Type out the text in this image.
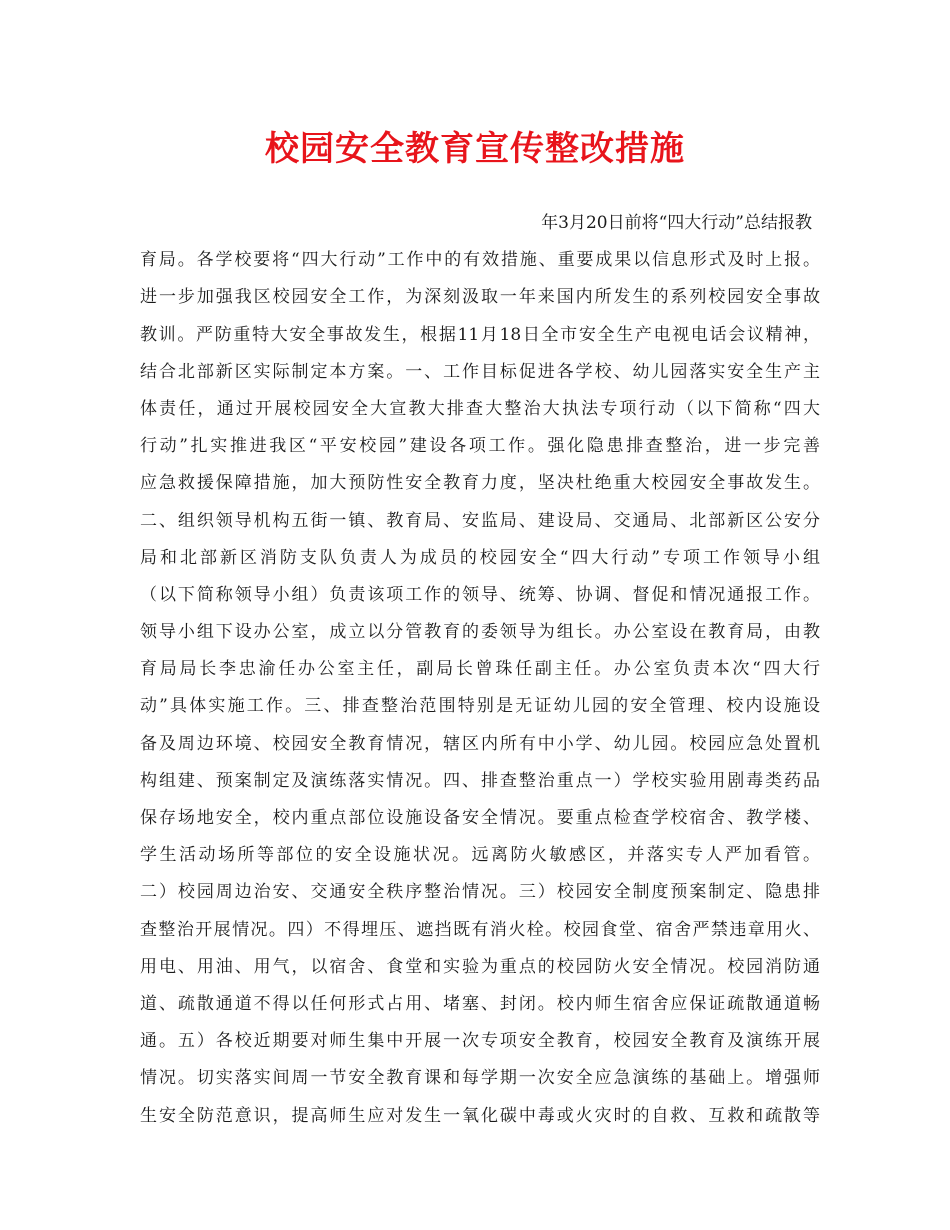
校园安全教育宣传整改措施
年3月20日前将“四大行动”总结报教
育局。各学校要将“四大行动”工作中的有效措施、重要成果以信息形式及时上报。
进一步加强我区校园安全工作，为深刻汲取一年来国内所发生的系列校园安全事故
教训。严防重特大安全事故发生，根据11月18日全市安全生产电视电话会议精神，
结合北部新区实际制定本方案。一、工作目标促进各学校、幼儿园落实安全生产主
体责任，通过开展校园安全大宣教大排查大整治大执法专项行动（以下简称“四大
行动”扎实推进我区“平安校园”建设各项工作。强化隐患排查整治，进一步完善
应急救援保障措施，加大预防性安全教育力度，坚决杜绝重大校园安全事故发生。
二、组织领导机构五街一镇、教育局、安监局、建设局、交通局、北部新区公安分
局和北部新区消防支队负责人为成员的校园安全“四大行动”专项工作领导小组
（以下简称领导小组）负责该项工作的领导、统筹、协调、督促和情况通报工作。
领导小组下设办公室，成立以分管教育的委领导为组长。办公室设在教育局，由教
育局局长李忠渝任办公室主任，副局长曾珠任副主任。办公室负责本次“四大行
动”具体实施工作。三、排查整治范围特别是无证幼儿园的安全管理、校内设施设
备及周边环境、校园安全教育情况，辖区内所有中小学、幼儿园。校园应急处置机
构组建、预案制定及演练落实情况。四、排查整治重点一）学校实验用剧毒类药品
保存场地安全，校内重点部位设施设备安全情况。要重点检查学校宿舍、教学楼、
学生活动场所等部位的安全设施状况。远离防火敏感区，并落实专人严加看管。
二）校园周边治安、交通安全秩序整治情况。三）校园安全制度预案制定、隐患排
查整治开展情况。四）不得埋压、遮挡既有消火栓。校园食堂、宿舍严禁违章用火、
用电、用油、用气，以宿舍、食堂和实验为重点的校园防火安全情况。校园消防通
道、疏散通道不得以任何形式占用、堵塞、封闭。校内师生宿舍应保证疏散通道畅
通。五）各校近期要对师生集中开展一次专项安全教育，校园安全教育及演练开展
情况。切实落实间周一节安全教育课和每学期一次安全应急演练的基础上。增强师
生安全防范意识，提高师生应对发生一氧化碳中毒或火灾时的自救、互救和疏散等
